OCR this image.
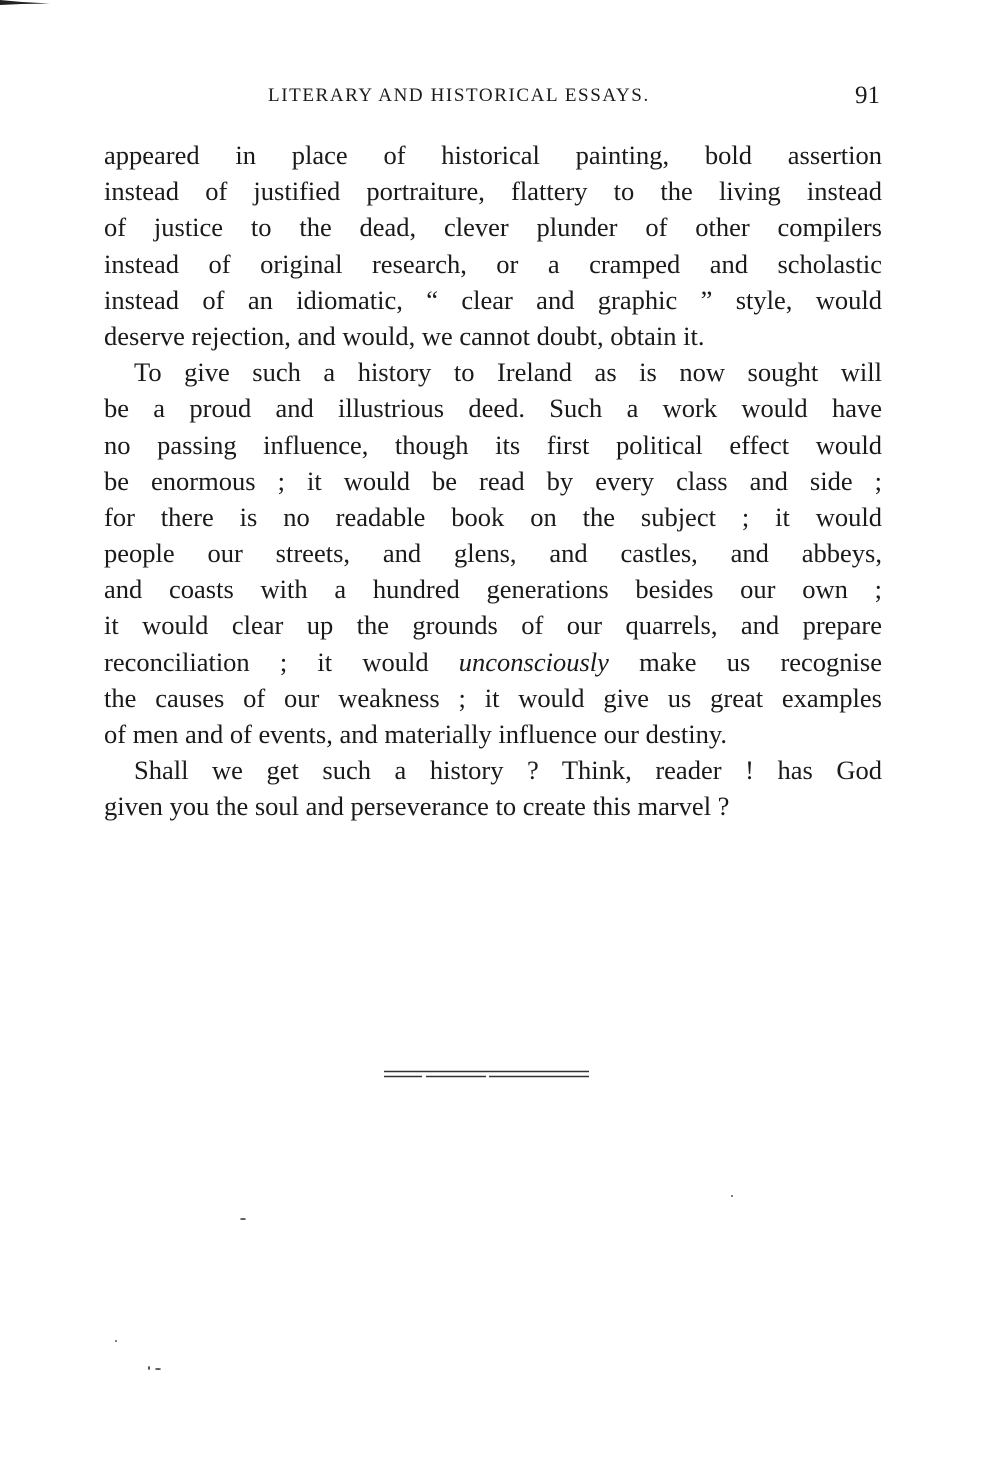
LITERARY AND HISTORICAL ESSAYS.	91
appeared in place of historical painting, bold assertion
instead of justified portraiture, flattery to the living instead
of justice to the dead, clever plunder of other compilers
instead of original research, or a cramped and scholastic
instead of an idiomatic, “ clear and graphic ” style, would
deserve rejection, and would, we cannot doubt, obtain it.
To give such a history to Ireland as is now sought will
be a proud and illustrious deed. Such a work would have
no passing influence, though its first political effect would
be enormous ; it would be read by every class and side ;
for there is no readable book on the subject ; it would
people our streets, and glens, and castles, and abbeys,
and coasts with a hundred generations besides our own ;
it would clear up the grounds of our quarrels, and prepare
reconciliation ; it would unconsciously make us recognise
the causes of our weakness ; it would give us great examples
of men and of events, and materially influence our destiny.
Shall we get such a history ? Think, reader ! has God
given you the soul and perseverance to create this marvel ?
